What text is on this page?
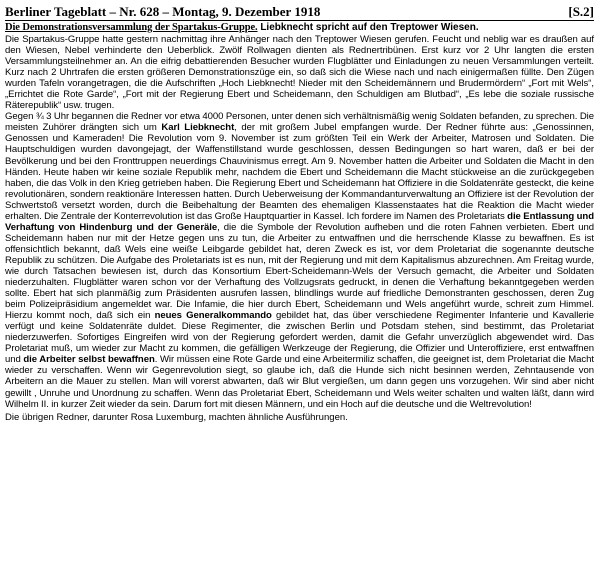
Berliner Tageblatt – Nr. 628 – Montag, 9. Dezember 1918	[S.2]
Die Demonstrationsversammlung der Spartakus-Gruppe. Liebknecht spricht auf den Treptower Wiesen.

Die Spartakus-Gruppe hatte gestern nachmittag ihre Anhänger nach den Treptower Wiesen gerufen. Feucht und neblig war es draußen auf den Wiesen, Nebel verhinderte den Ueberblick. Zwölf Rollwagen dienten als Rednertribünen. Erst kurz vor 2 Uhr langten die ersten Versammlungsteilnehmer an. An die eifrig debattierenden Besucher wurden Flugblätter und Einladungen zu neuen Versammlungen verteilt. Kurz nach 2 Uhrtrafen die ersten größeren Demonstrationszüge ein, so daß sich die Wiese nach und nach einigermaßen füllte. Den Zügen wurden Tafeln vorangetragen, die die Aufschriften „Hoch Liebknecht! Nieder mit den Scheidemännern und Brudermördern“ „Fort mit Wels“, „Errichtet die Rote Garde“, „Fort mit der Regierung Ebert und Scheidemann, den Schuldigen am Blutbad“, „Es lebe die soziale russische Räterepublik“ usw. trugen.

Gegen ¾ 3 Uhr begannen die Redner vor etwa 4000 Personen, unter denen sich verhältnismäßig wenig Soldaten befanden, zu sprechen. Die meisten Zuhörer drängten sich um Karl Liebknecht, der mit großem Jubel empfangen wurde. Der Redner führte aus: „Genossinnen, Genossen und Kameraden! Die Revolution vom 9. November ist zum größten Teil ein Werk der Arbeiter, Matrosen und Soldaten. Die Hauptschuldigen wurden davongejagt, der Waffenstillstand wurde geschlossen, dessen Bedingungen so hart waren, daß er bei der Bevölkerung und bei den Fronttruppen neuerdings Chauvinismus erregt. Am 9. November hatten die Arbeiter und Soldaten die Macht in den Händen. Heute haben wir keine soziale Republik mehr, nachdem die Ebert und Scheidemann die Macht stückweise an die zurückgegeben haben, die das Volk in den Krieg getrieben haben. Die Regierung Ebert und Scheidemann hat Offiziere in die Soldatenräte gesteckt, die keine revolutionären, sondern reaktionäre Interessen hatten. Durch Ueberweisung der Kommandanturverwaltung an Offiziere ist der Revolution der Schwertstoß versetzt worden, durch die Beibehaltung der Beamten des ehemaligen Klassenstaates hat die Reaktion die Macht wieder erhalten. Die Zentrale der Konterrevolution ist das Große Hauptquartier in Kassel. Ich fordere im Namen des Proletariats die Entlassung und Verhaftung von Hindenburg und der Generäle, die die Symbole der Revolution aufheben und die roten Fahnen verbieten. Ebert und Scheidemann haben nur mit der Hetze gegen uns zu tun, die Arbeiter zu entwaffnen und die herrschende Klasse zu bewaffnen. Es ist offensichtlich bekannt, daß Wels eine weiße Leibgarde gebildet hat, deren Zweck es ist, vor dem Proletariat die sogenannte deutsche Republik zu schützen. Die Aufgabe des Proletariats ist es nun, mit der Regierung und mit dem Kapitalismus abzurechnen. Am Freitag wurde, wie durch Tatsachen bewiesen ist, durch das Konsortium Ebert-Scheidemann-Wels der Versuch gemacht, die Arbeiter und Soldaten niederzuhalten. Flugblätter waren schon vor der Verhaftung des Vollzugsrats gedruckt, in denen die Verhaftung bekanntgegeben werden sollte. Ebert hat sich planmäßig zum Präsidenten ausrufen lassen, blindlings wurde auf friedliche Demonstranten geschossen, deren Zug beim Polizeipräsidium angemeldet war. Die Infamie, die hier durch Ebert, Scheidemann und Wels angeführt wurde, schreit zum Himmel. Hierzu kommt noch, daß sich ein neues Generalkommando gebildet hat, das über verschiedene Regimenter Infanterie und Kavallerie verfügt und keine Soldatenräte duldet. Diese Regimenter, die zwischen Berlin und Potsdam stehen, sind bestimmt, das Proletariat niederzuwerfen. Sofortiges Eingreifen wird von der Regierung gefordert werden, damit die Gefahr unverzüglich abgewendet wird. Das Proletariat muß, um wieder zur Macht zu kommen, die gefälligen Werkzeuge der Regierung, die Offizier und Unteroffiziere, erst entwaffnen und die Arbeiter selbst bewaffnen. Wir müssen eine Rote Garde und eine Arbeitermiliz schaffen, die geeignet ist, dem Proletariat die Macht wieder zu verschaffen. Wenn wir Gegenrevolution siegt, so glaube ich, daß die Hunde sich nicht besinnen werden, Zehntausende von Arbeitern an die Mauer zu stellen. Man will vorerst abwarten, daß wir Blut vergießen, um dann gegen uns vorzugehen. Wir sind aber nicht gewillt , Unruhe und Unordnung zu schaffen. Wenn das Proletariat Ebert, Scheidemann und Wels weiter schalten und walten läßt, dann wird Wilhelm II. in kurzer Zeit wieder da sein. Darum fort mit diesen Männern, und ein Hoch auf die deutsche und die Weltrevolution!

Die übrigen Redner, darunter Rosa Luxemburg, machten ähnliche Ausführungen.
